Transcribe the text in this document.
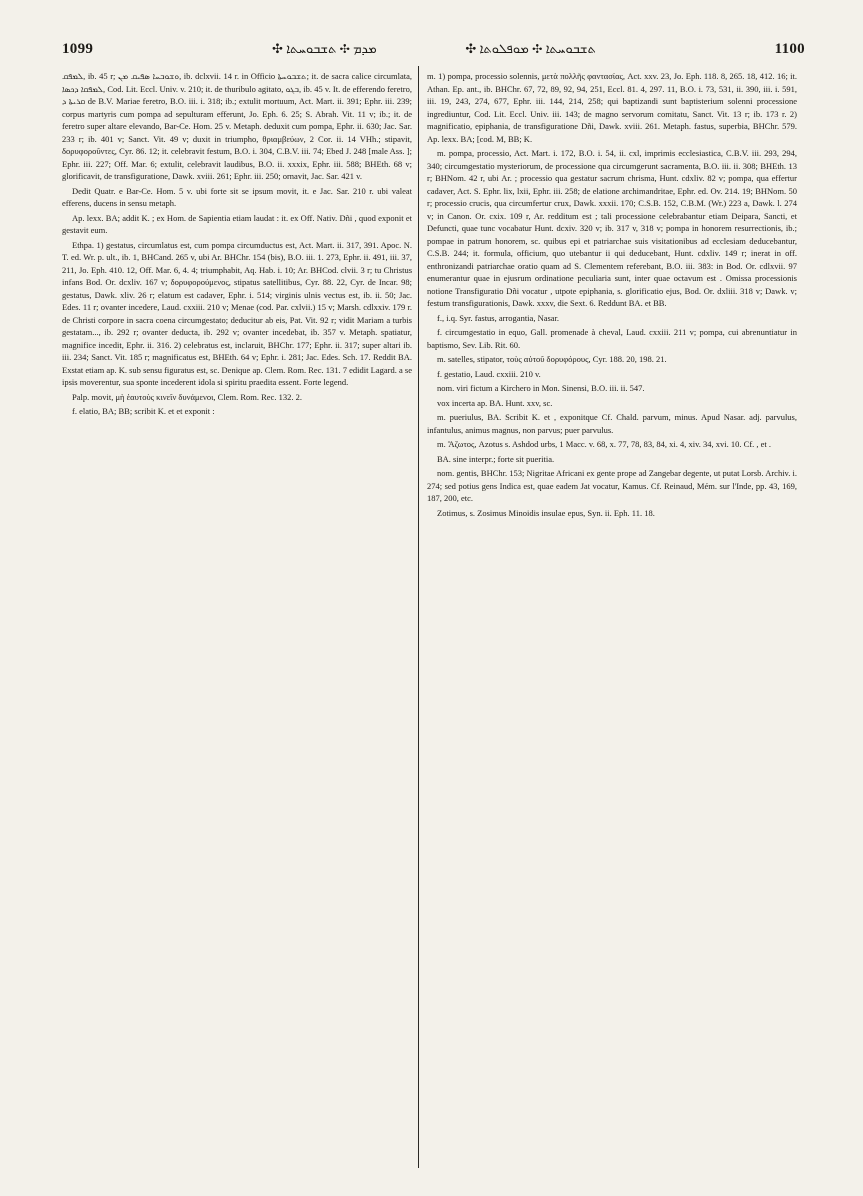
1099	✣ ܡܕܡ ✣ ܬܫܒܘܚܬܐ	✣ ܬܫܒܘܚܬܐ ✣ ܡܘܦܠܘܬܐ	1100

ܠܡܦܩ, ib. 45 r; ܘܫܘܒܚܐ ܣܦܝܩ ܡܢ, ib. dclxvii. 14 r. in Officio ܬܫܒܘܚܬܐ; it. de sacra calice circumlata, ܠܡܦܩܐ ܕܟܣܐ, Cod. Lit. Eccl. Univ. v. 210; it. de thuribulo agitato, ܒܓܘ, ib. 45 v. It. de efferendo feretro, ܩܪܝܬܐ ܕ de B.V. Mariae feretro, B.O. iii. i. 318; ib.; extulit mortuum, Act. Mart. ii. 391; Ephr. iii. 239; corpus martyris cum pompa ad sepulturam efferunt, Jo. Eph. 6. 25; S. Abrah. Vit. 11 v; ib.; it. de feretro super altare elevando, Bar-Ce. Hom. 25 v. Metaph. deduxit cum pompa, Ephr. ii. 630; Jac. Sar. 233 r; ib. 401 v; Sanct. Vit. 49 v; duxit in triumpho, θριαμβεύων, 2 Cor. ii. 14 VHh.; stipavit, δορυφοροῦντες, Cyr. 86. 12; it. celebravit festum, B.O. i. 304, C.B.V. iii. 74; Ebed J. 248 [male Ass. ]; Ephr. iii. 227; Off. Mar. 6; extulit, celebravit laudibus, B.O. ii. xxxix, Ephr. iii. 588; BHEth. 68 v; glorificavit, de transfiguratione, Dawk. xviii. 261; Ephr. iii. 250; ornavit, Jac. Sar. 421 v.

Dedit Quatr. e Bar-Ce. Hom. 5 v. ubi forte sit se ipsum movit, it. e Jac. Sar. 210 r. ubi valeat efferens, ducens in sensu metaph.

Ap. lexx. BA; addit K. ; ex Hom. de Sapientia etiam laudat : it. ex Off. Nativ. Dñi , quod exponit et gestavit eum.

Ethpa. 1) gestatus, circumlatus est, cum pompa circumductus est, Act. Mart. ii. 317, 391. Apoc. N. T. ed. Wr. p. ult., ib. 1, BHCand. 265 v, ubi Ar. BHChr. 154 (bis), B.O. iii. 1. 273, Ephr. ii. 491, iii. 37, 211, Jo. Eph. 410. 12, Off. Mar. 6, 4. 4; triumphabit, Aq. Hab. i. 10; Ar. BHCod. clvii. 3 r; tu Christus infans Bod. Or. dcxliv. 167 v; δορυφορούμενος, stipatus satellitibus, Cyr. 88. 22, Cyr. de Incar. 98; gestatus, Dawk. xliv. 26 r; elatum est cadaver, Ephr. i. 514; virginis ulnis vectus est, ib. ii. 50; Jac. Edes. 11 r; ovanter incedere, Laud. cxxiii. 210 v; Menae (cod. Par. cxlvii.) 15 v; Marsh. cdlxxiv. 179 r. de Christi corpore in sacra coena circumgestato; deducitur ab eis, Pat. Vit. 92 r; vidit Mariam a turbis gestatam..., ib. 292 r; ovanter deducta, ib. 292 v; ovanter incedebat, ib. 357 v. Metaph. spatiatur, magnifice incedit, Ephr. ii. 316. 2) celebratus est, inclaruit, BHChr. 177; Ephr. ii. 317; super altari ib. iii. 234; Sanct. Vit. 185 r; magnificatus est, BHEth. 64 v; Ephr. i. 281; Jac. Edes. Sch. 17. Reddit BA. Exstat etiam ap. K. sub sensu figuratus est, sc. Denique ap. Clem. Rom. Rec. 131. 7 edidit Lagard. a se ipsis moverentur, sua sponte incederent idola si spiritu praedita essent. Forte legend.

Palp. movit, μὴ ἑαυτοὺς κινεῖν δυνάμενοι, Clem. Rom. Rec. 132. 2.

f. elatio, BA; BB; scribit K. et et exponit :

m. 1) pompa, processio solennis, μετὰ πολλῆς φαντασίας, Act. xxv. 23, Jo. Eph. 118. 8, 265. 18, 412. 16; it. Athan. Ep. ant., ib. BHChr. 67, 72, 89, 92, 94, 251, Eccl. 81. 4, 297. 11, B.O. i. 73, 531, ii. 390, iii. i. 591, iii. 19, 243, 274, 677, Ephr. iii. 144, 214, 258; qui baptizandi sunt baptisterium solenni processione ingrediuntur, Cod. Lit. Eccl. Univ. iii. 143; de magno servorum comitatu, Sanct. Vit. 13 r; ib. 173 r. 2) magnificatio, epiphania, de transfiguratione Dñi, Dawk. xviii. 261. Metaph. fastus, superbia, BHChr. 579. Ap. lexx. BA; [cod. M, BB; K.

m. pompa, processio, Act. Mart. i. 172, B.O. i. 54, ii. cxl, imprimis ecclesiastica, C.B.V. iii. 293, 294, 340; circumgestatio mysteriorum, de processione qua circumgerunt sacramenta, B.O. iii. ii. 308; BHEth. 13 r; BHNom. 42 r, ubi Ar. ; processio qua gestatur sacrum chrisma, Hunt. cdxliv. 82 v; pompa, qua effertur cadaver, Act. S. Ephr. lix, lxii, Ephr. iii. 258; de elatione archimandritae, Ephr. ed. Ov. 214. 19; BHNom. 50 r; processio crucis, qua circumfertur crux, Dawk. xxxii. 170; C.S.B. 152, C.B.M. (Wr.) 223 a, Dawk. l. 274 v; in Canon. Or. cxix. 109 r, Ar. redditum est ; tali processione celebrabantur etiam Deipara, Sancti, et Defuncti, quae tunc vocabatur Hunt. dcxiv. 320 v; ib. 317 v, 318 v; pompa in honorem resurrectionis, ib.; pompae in patrum honorem, sc. quibus epi et patriarchae suis visitationibus ad ecclesiam deducebantur, C.S.B. 244; it. formula, officium, quo utebantur ii qui deducebant, Hunt. cdxliv. 149 r; inerat in off. enthronizandi patriarchae oratio quam ad S. Clementem referebant, B.O. iii. 383: in Bod. Or. cdlxvii. 97 enumerantur quae in ejusrum ordinatione peculiaria sunt, inter quae octavum est . Omissa processionis notione Transfiguratio Dñi vocatur , utpote epiphania, s. glorificatio ejus, Bod. Or. dxliii. 318 v; Dawk. v; festum transfigurationis, Dawk. xxxv, die Sext. 6. Reddunt BA. et BB.

f., i.q. Syr. fastus, arrogantia, Nasar.

f. circumgestatio in equo, Gall. promenade à cheval, Laud. cxxiii. 211 v; pompa, cui abrenuntiatur in baptismo, Sev. Lib. Rit. 60.

m. satelles, stipator, τοὺς αὐτοῦ δορυφόρους, Cyr. 188. 20, 198. 21.

f. gestatio, Laud. cxxiii. 210 v.

nom. viri fictum a Kirchero in Mon. Sinensi, B.O. iii. ii. 547.

vox incerta ap. BA. Hunt. xxv, sc.

m. pueriulus, BA. Scribit K. et , exponitque Cf. Chald. parvum, minus. Apud Nasar. adj. parvulus, infantulus, animus magnus, non parvus; puer parvulus.

m. Ἄζωτος, Azotus s. Ashdod urbs, 1 Macc. v. 68, x. 77, 78, 83, 84, xi. 4, xiv. 34, xvi. 10. Cf. , et .

BA. sine interpr.; forte sit pueritia.

nom. gentis, BHChr. 153; Nigritae Africani ex gente prope ad Zangebar degente, ut putat Lorsb. Archiv. i. 274; sed potius gens Indica est, quae eadem Jat vocatur, Kamus. Cf. Reinaud, Mém. sur l'Inde, pp. 43, 169, 187, 200, etc.

Zotimus, s. Zosimus Minoidis insulae epus, Syn. ii. Eph. 11. 18.
